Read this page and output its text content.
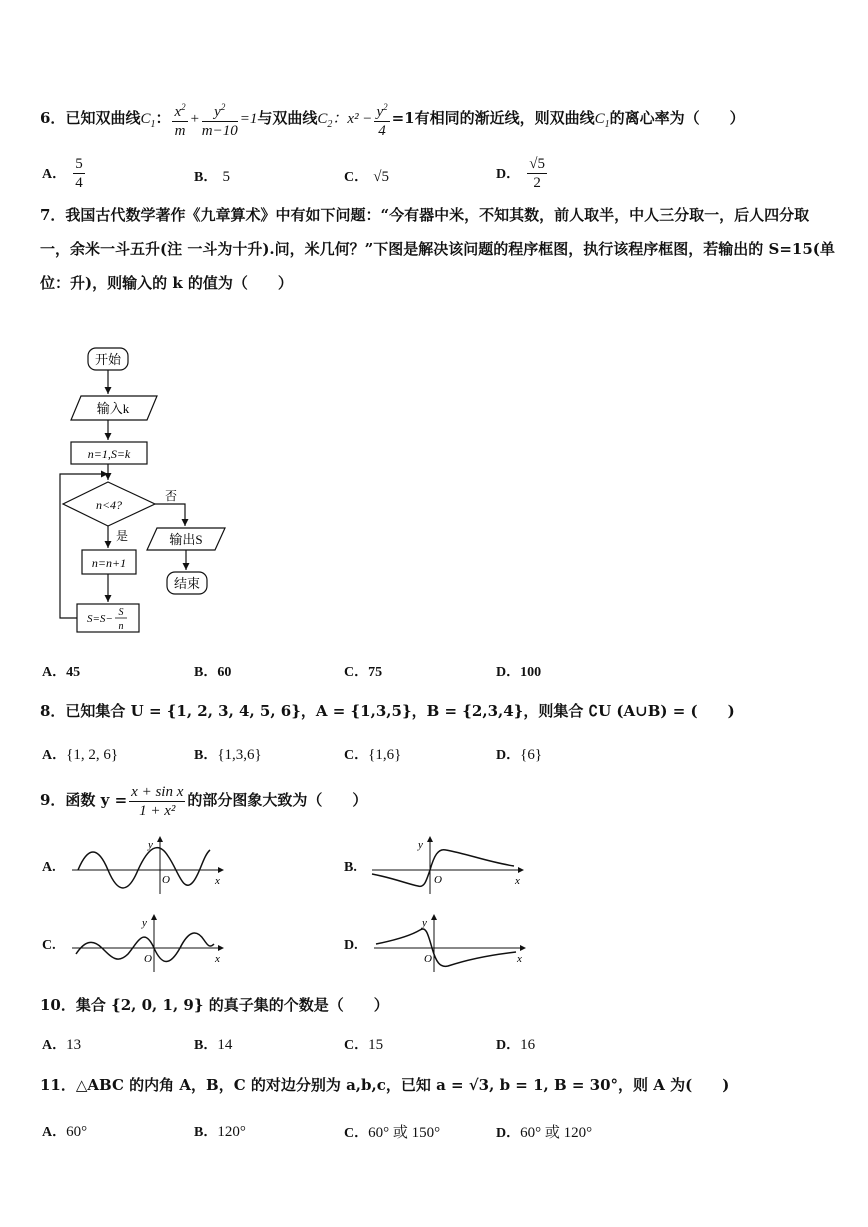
6．已知双曲线$C_1$： $\frac{x^2}{m} + \frac{y^2}{m-10} =1$与双曲线$C_2$：$x^2 - \frac{y^2}{4} =1$有相同的渐近线，则双曲线$C_1$的离心率为（　　）
A． $\frac{5}{4}$	B． 5	C． √5	D． $\frac{√5}{2}$
7．我国古代数学著作《九章算术》中有如下问题：“今有器中米，不知其数，前人取半，中人三分取一，后人四分取
一，余米一斗五升(注 一斗为十升).问，米几何？”下图是解决该问题的程序框图，执行该程序框图，若输出的 S=15(单
位：升)，则输入的 k 的值为（　　）
开始
输入k
n=1,S=k
n<4?
否
输出S
结束
是
n=n+1
S=S−
S
n
A．45	B．60	C．75	D．100
8．已知集合 U = {1, 2, 3, 4, 5, 6}，A = {1,3,5}，B = {2,3,4}，则集合 ∁U (A∪B) = (　　)
A．{1, 2, 6}	B．{1,3,6}	C．{1,6}	D．{6}
9．函数 $y = \frac{\text{x + sin x}}{\text{1 + x²}}$ 的部分图象大致为（　　）
A.
y
O	x
B.
y
O	x
C.
y
O	x
D.
y
O	x
10．集合 {2, 0, 1, 9} 的真子集的个数是（　　）
A．13	B．14	C．15	D．16
11．△ABC 的内角 A，B，C 的对边分别为 a,b,c，已知 a = √3, b = 1, B = 30°，则 A 为(　　)
A．60°	B．120°	C．60° 或 150°	D．60° 或 120°
